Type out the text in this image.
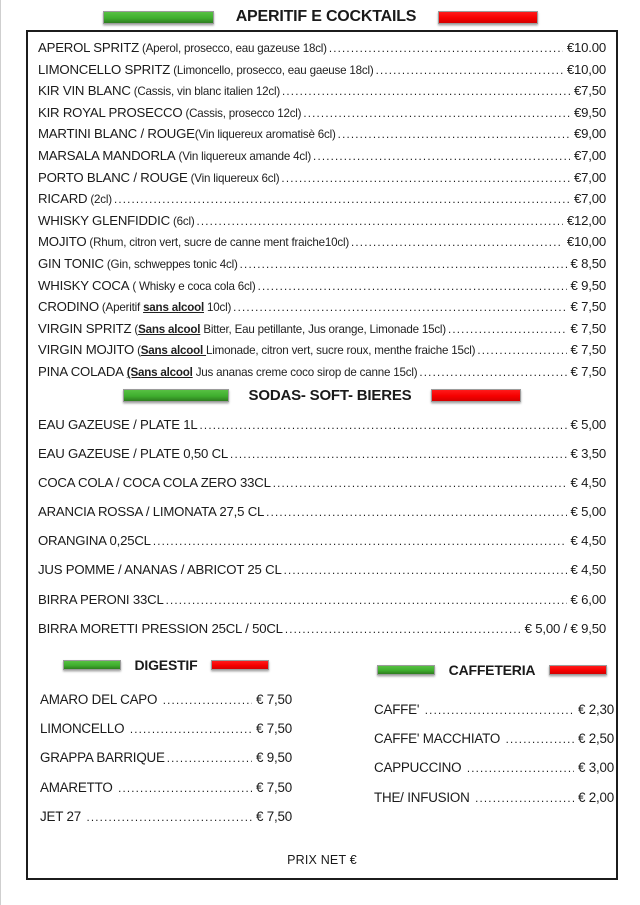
APERITIF E COCKTAILS
APEROL SPRITZ (Aperol, prosecco, eau gazeuse 18cl) .....	€10.00
LIMONCELLO SPRITZ (Limoncello, prosecco, eau gaeuse 18cl) .....	€10,00
KIR VIN BLANC (Cassis, vin blanc italien 12cl) .....	€7,50
KIR ROYAL PROSECCO (Cassis, prosecco 12cl) .....	€9,50
MARTINI BLANC / ROUGE (Vin liquereux aromatisè 6cl) .....	€9,00
MARSALA MANDORLA (Vin liquereux amande 4cl) .....	€7,00
PORTO BLANC / ROUGE (Vin liquereux 6cl) .....	€7,00
RICARD (2cl) .....	€7,00
WHISKY GLENFIDDIC (6cl) .....	€12,00
MOJITO (Rhum, citron vert, sucre de canne ment fraiche10cl) .....	€10,00
GIN TONIC (Gin, schweppes tonic 4cl) .....	€ 8,50
WHISKY COCA ( Whisky e coca cola 6cl) .....	€ 9,50
CRODINO (Aperitif sans alcool 10cl) .....	€ 7,50
VIRGIN SPRITZ (Sans alcool Bitter, Eau petillante, Jus orange, Limonade 15cl) .....	€ 7,50
VIRGIN MOJITO (Sans alcool Limonade, citron vert, sucre roux, menthe fraiche 15cl) .....	€ 7,50
PINA COLADA (Sans alcool Jus ananas creme coco sirop de canne 15cl) .....	€ 7,50
SODAS- SOFT- BIERES
EAU GAZEUSE / PLATE 1L .....	€ 5,00
EAU GAZEUSE / PLATE 0,50 CL .....	€ 3,50
COCA COLA / COCA COLA ZERO 33CL .....	€ 4,50
ARANCIA ROSSA / LIMONATA 27,5 CL .....	€ 5,00
ORANGINA 0,25CL .....	€ 4,50
JUS POMME / ANANAS / ABRICOT 25 CL .....	€ 4,50
BIRRA PERONI 33CL .....	€ 6,00
BIRRA MORETTI PRESSION 25CL / 50CL .....	€ 5,00 / € 9,50
DIGESTIF
AMARO DEL CAPO .....	€ 7,50
LIMONCELLO .....	€ 7,50
GRAPPA BARRIQUE .....	€ 9,50
AMARETTO .....	€ 7,50
JET 27 .....	€ 7,50
CAFFETERIA
CAFFE' .....	€ 2,30
CAFFE' MACCHIATO .....	€ 2,50
CAPPUCCINO .....	€ 3,00
THE/ INFUSION .....	€ 2,00
PRIX NET €
